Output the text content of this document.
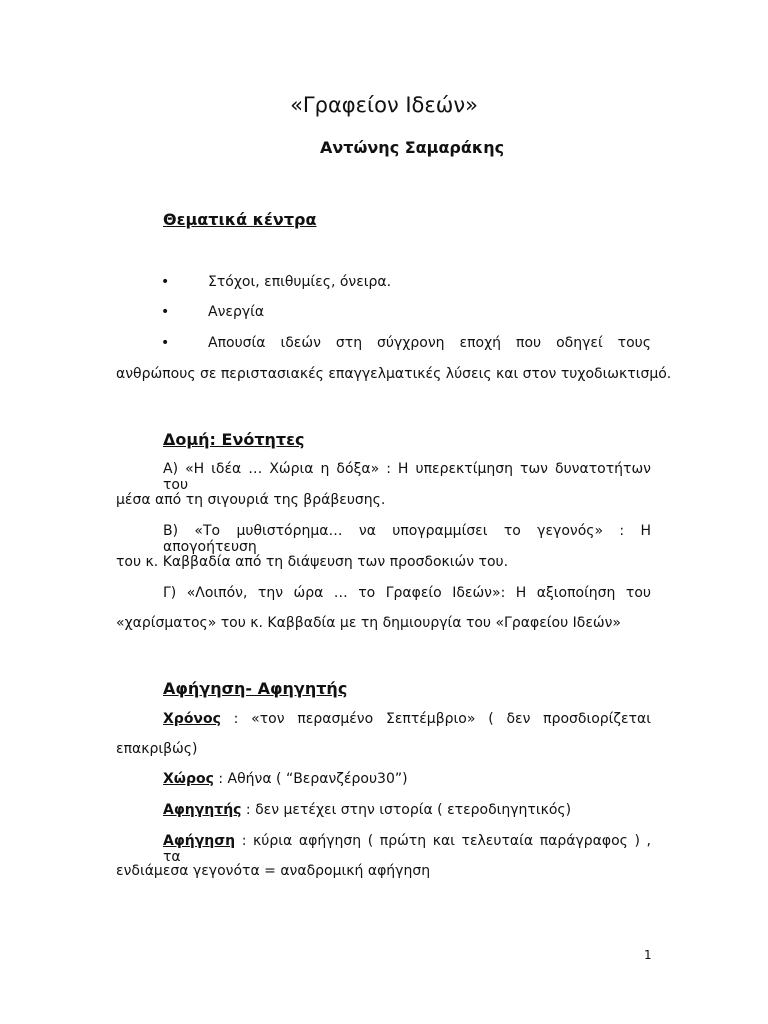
«Γραφείον Ιδεών»
Αντώνης Σαμαράκης
Θεματικά κέντρα
•	Στόχοι, επιθυμίες, όνειρα.
•	Ανεργία
•	Απουσία ιδεών στη σύγχρονη εποχή που οδηγεί τους
ανθρώπους σε περιστασιακές επαγγελματικές λύσεις και στον τυχοδιωκτισμό.
Δομή: Ενότητες
Α) «Η ιδέα … Χώρια η δόξα» : Η υπερεκτίμηση των δυνατοτήτων του
μέσα από τη σιγουριά της βράβευσης.
Β) «Το μυθιστόρημα… να υπογραμμίσει το γεγονός» : Η απογοήτευση
του κ. Καββαδία από τη διάψευση των προσδοκιών του.
Γ) «Λοιπόν, την ώρα … το Γραφείο Ιδεών»: Η αξιοποίηση του
«χαρίσματος» του κ. Καββαδία με τη δημιουργία του «Γραφείου Ιδεών»
Αφήγηση- Αφηγητής
Χρόνος : «τον περασμένο Σεπτέμβριο» ( δεν προσδιορίζεται
επακριβώς)
Χώρος : Αθήνα ( “Βερανζέρου30”)
Αφηγητής : δεν μετέχει στην ιστορία ( ετεροδιηγητικός)
Αφήγηση : κύρια αφήγηση ( πρώτη και τελευταία παράγραφος ) , τα
ενδιάμεσα γεγονότα = αναδρομική αφήγηση
1
